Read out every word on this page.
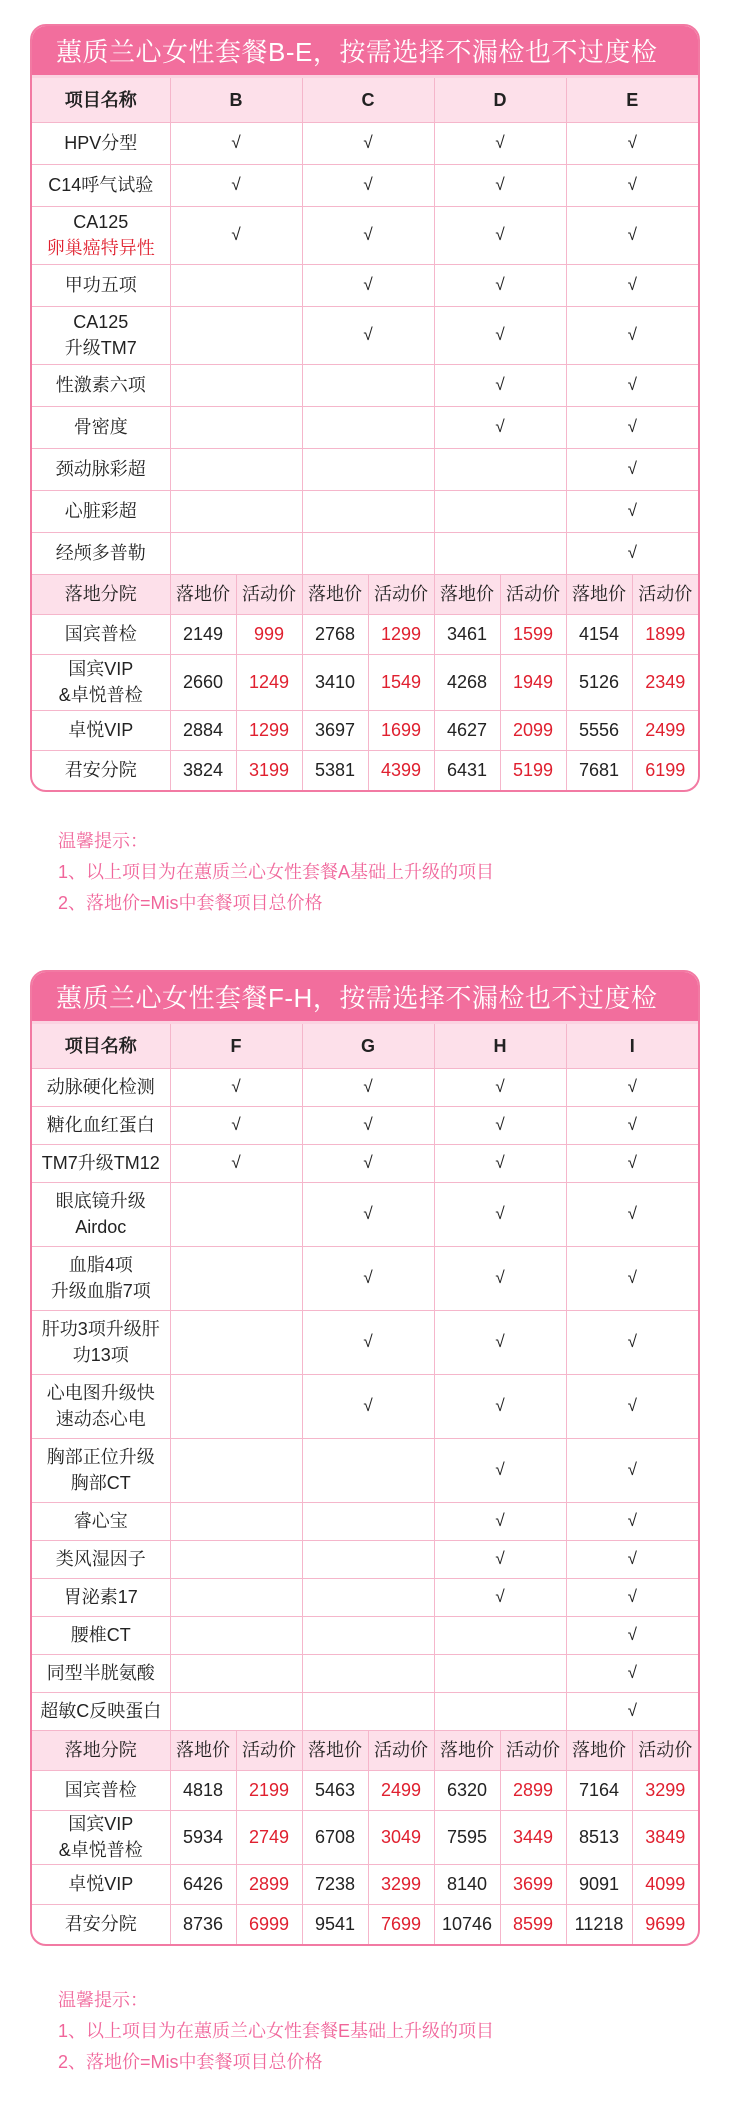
蕙质兰心女性套餐B-E，按需选择不漏检也不过度检
项目名称	B		C		D		E	

HPV分型	√		√		√		√	

C14呼气试验	√		√		√		√	

CA125
卵巢癌特异性	√		√		√		√	

甲功五项			√		√		√	

CA125
升级TM7			√		√		√	

性激素六项					√		√	

骨密度					√		√	

颈动脉彩超							√	

心脏彩超							√	

经颅多普勒							√	
落地分院	落地价	活动价	落地价	活动价	落地价	活动价	落地价	活动价

国宾普检	2149	999	2768	1299	3461	1599	4154	1899

国宾VIP
&卓悦普检	2660	1249	3410	1549	4268	1949	5126	2349

卓悦VIP	2884	1299	3697	1699	4627	2099	5556	2499

君安分院	3824	3199	5381	4399	6431	5199	7681	6199
温馨提示：
1、以上项目为在蕙质兰心女性套餐A基础上升级的项目
2、落地价=Mis中套餐项目总价格
蕙质兰心女性套餐F-H，按需选择不漏检也不过度检
项目名称	F		G		H		I	

动脉硬化检测	√		√		√		√	

糖化血红蛋白	√		√		√		√	

TM7升级TM12	√		√		√		√	

眼底镜升级
Airdoc			√		√		√	

血脂4项
升级血脂7项			√		√		√	

肝功3项升级肝
功13项			√		√		√	

心电图升级快
速动态心电			√		√		√	

胸部正位升级
胸部CT					√		√	

睿心宝					√		√	

类风湿因子					√		√	

胃泌素17					√		√	

腰椎CT							√	

同型半胱氨酸							√	

超敏C反映蛋白							√	
落地分院	落地价	活动价	落地价	活动价	落地价	活动价	落地价	活动价

国宾普检	4818	2199	5463	2499	6320	2899	7164	3299

国宾VIP
&卓悦普检	5934	2749	6708	3049	7595	3449	8513	3849

卓悦VIP	6426	2899	7238	3299	8140	3699	9091	4099

君安分院	8736	6999	9541	7699	10746	8599	11218	9699
温馨提示：
1、以上项目为在蕙质兰心女性套餐E基础上升级的项目
2、落地价=Mis中套餐项目总价格
